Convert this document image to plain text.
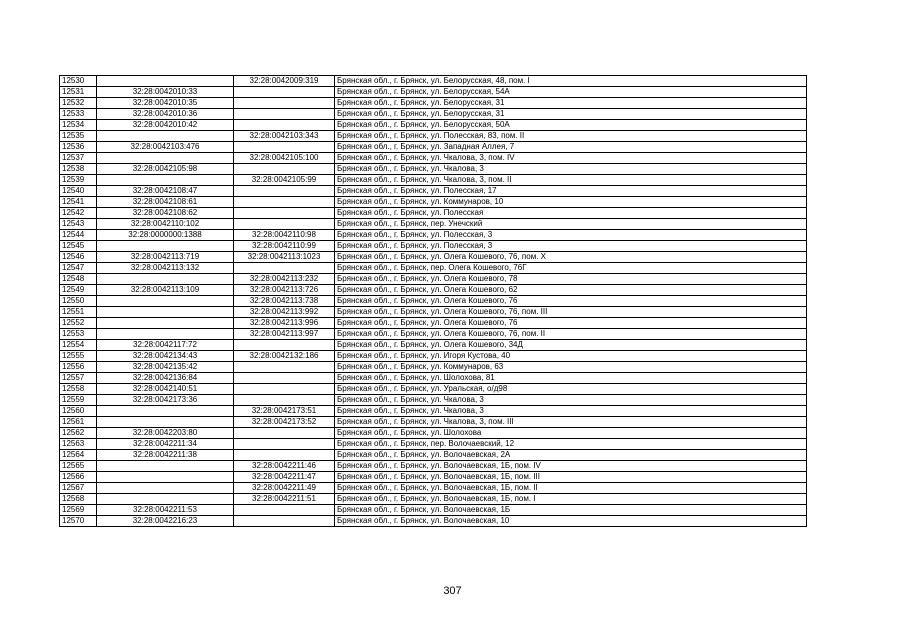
12530		32:28:0042009:319	Брянская обл., г. Брянск, ул. Белорусская, 48, пом. I
12531	32:28:0042010:33		Брянская обл., г. Брянск, ул. Белорусская, 54А
12532	32:28:0042010:35		Брянская обл., г. Брянск, ул. Белорусская, 31
12533	32:28:0042010:36		Брянская обл., г. Брянск, ул. Белорусская, 31
12534	32:28:0042010:42		Брянская обл., г. Брянск, ул. Белорусская, 50А
12535		32:28:0042103:343	Брянская обл., г. Брянск, ул. Полесская, 83, пом. II
12536	32:28:0042103:476		Брянская обл., г. Брянск, ул. Западная Аллея, 7
12537		32:28:0042105:100	Брянская обл., г. Брянск, ул. Чкалова, 3, пом. IV
12538	32:28:0042105:98		Брянская обл., г. Брянск, ул. Чкалова, 3
12539		32:28:0042105:99	Брянская обл., г. Брянск, ул. Чкалова, 3, пом. II
12540	32:28:0042108:47		Брянская обл., г. Брянск, ул. Полесская, 17
12541	32:28:0042108:61		Брянская обл., г. Брянск, ул. Коммунаров, 10
12542	32:28:0042108:62		Брянская обл., г. Брянск, ул. Полесская
12543	32:28:0042110:102		Брянская обл., г. Брянск, пер. Унечский
12544	32:28:0000000:1388	32:28:0042110:98	Брянская обл., г. Брянск, ул. Полесская, 3
12545		32:28:0042110:99	Брянская обл., г. Брянск, ул. Полесская, 3
12546	32:28:0042113:719	32:28:0042113:1023	Брянская обл., г. Брянск, ул. Олега Кошевого, 76, пом. X
12547	32:28:0042113:132		Брянская обл., г. Брянск, пер. Олега Кошевого, 76Г
12548		32:28:0042113:232	Брянская обл., г. Брянск, ул. Олега Кошевого, 78
12549	32:28:0042113:109	32:28:0042113:726	Брянская обл., г. Брянск, ул. Олега Кошевого, 62
12550		32:28:0042113:738	Брянская обл., г. Брянск, ул. Олега Кошевого, 76
12551		32:28:0042113:992	Брянская обл., г. Брянск, ул. Олега Кошевого, 76, пом. III
12552		32:28:0042113:996	Брянская обл., г. Брянск, ул. Олега Кошевого, 76
12553		32:28:0042113:997	Брянская обл., г. Брянск, ул. Олега Кошевого, 76, пом. II
12554	32:28:0042117:72		Брянская обл., г. Брянск, ул. Олега Кошевого, 34Д
12555	32:28:0042134:43	32:28:0042132:186	Брянская обл., г. Брянск, ул. Игоря Кустова, 40
12556	32:28:0042135:42		Брянская обл., г. Брянск, ул. Коммунаров, 63
12557	32:28:0042136:84		Брянская обл., г. Брянск, ул. Шолохова, 81
12558	32:28:0042140:51		Брянская обл., г. Брянск, ул. Уральская, о/д98
12559	32:28:0042173:36		Брянская обл., г. Брянск, ул. Чкалова, 3
12560		32:28:0042173:51	Брянская обл., г. Брянск, ул. Чкалова, 3
12561		32:28:0042173:52	Брянская обл., г. Брянск, ул. Чкалова, 3, пом. III
12562	32:28:0042203:80		Брянская обл., г. Брянск, ул. Шолохова
12563	32:28:0042211:34		Брянская обл., г. Брянск, пер. Волочаевский, 12
12564	32:28:0042211:38		Брянская обл., г. Брянск, ул. Волочаевская, 2А
12565		32:28:0042211:46	Брянская обл., г. Брянск, ул. Волочаевская, 1Б, пом. IV
12566		32:28:0042211:47	Брянская обл., г. Брянск, ул. Волочаевская, 1Б, пом. III
12567		32:28:0042211:49	Брянская обл., г. Брянск, ул. Волочаевская, 1Б, пом. II
12568		32:28:0042211:51	Брянская обл., г. Брянск, ул. Волочаевская, 1Б, пом. I
12569	32:28:0042211:53		Брянская обл., г. Брянск, ул. Волочаевская, 1Б
12570	32:28:0042216:23		Брянская обл., г. Брянск, ул. Волочаевская, 10
307
